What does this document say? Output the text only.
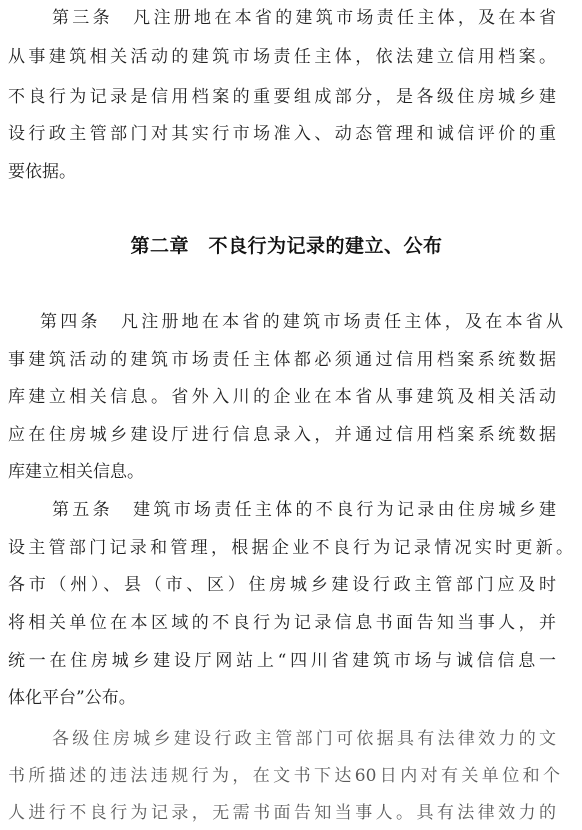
第三条　凡注册地在本省的建筑市场责任主体，及在本省
从事建筑相关活动的建筑市场责任主体，依法建立信用档案。
不良行为记录是信用档案的重要组成部分，是各级住房城乡建
设行政主管部门对其实行市场准入、动态管理和诚信评价的重
要依据。
第二章　不良行为记录的建立、公布
第四条　凡注册地在本省的建筑市场责任主体，及在本省从
事建筑活动的建筑市场责任主体都必须通过信用档案系统数据
库建立相关信息。省外入川的企业在本省从事建筑及相关活动
应在住房城乡建设厅进行信息录入，并通过信用档案系统数据
库建立相关信息。
第五条　建筑市场责任主体的不良行为记录由住房城乡建
设主管部门记录和管理，根据企业不良行为记录情况实时更新。
各市（州）、县（市、区）住房城乡建设行政主管部门应及时
将相关单位在本区域的不良行为记录信息书面告知当事人，并
统一在住房城乡建设厅网站上“四川省建筑市场与诚信信息一
体化平台”公布。
各级住房城乡建设行政主管部门可依据具有法律效力的文
书所描述的违法违规行为，在文书下达60日内对有关单位和个
人进行不良行为记录，无需书面告知当事人。具有法律效力的
